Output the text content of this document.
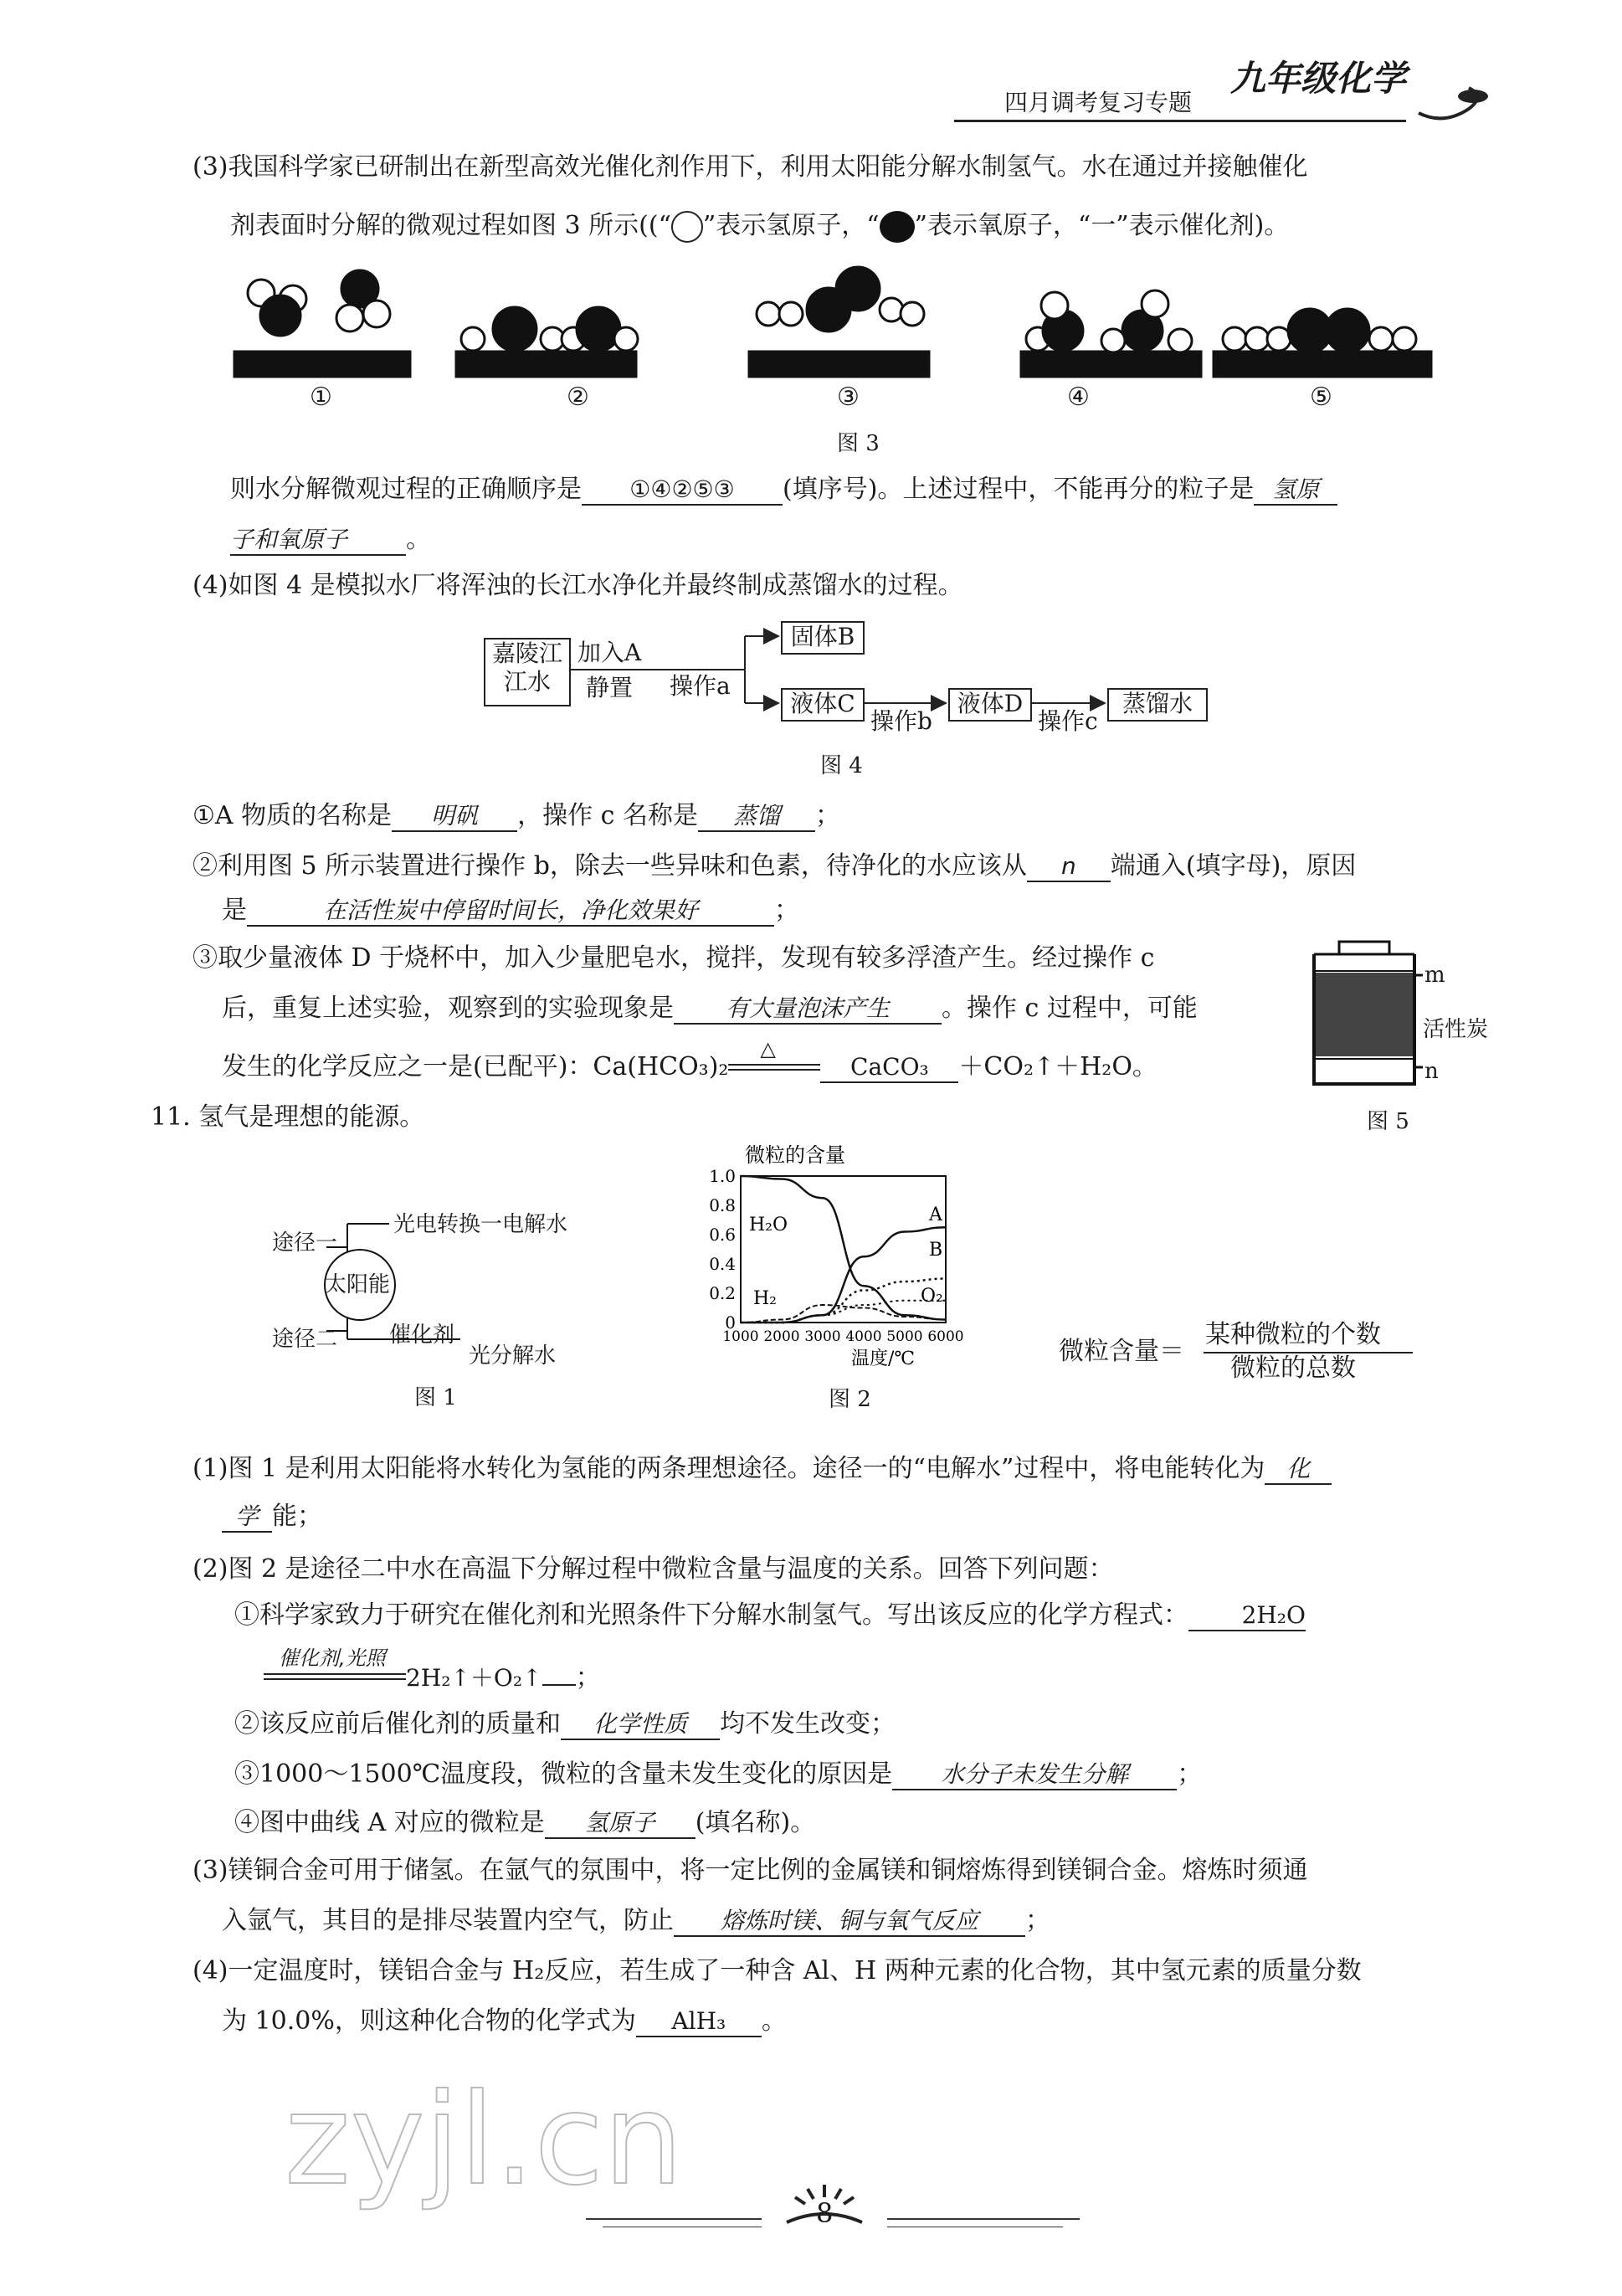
四月调考复习专题
九年级化学
(3)我国科学家已研制出在新型高效光催化剂作用下，利用太阳能分解水制氢气。水在通过并接触催化
剂表面时分解的微观过程如图 3 所示((“ ”表示氢原子，“ ”表示氧原子，“一”表示催化剂)。
①	②	③	④	⑤
图 3
则水分解微观过程的正确顺序是 ①④②⑤③ (填序号)。上述过程中，不能再分的粒子是 氢原
子和氧原子 。
(4)如图 4 是模拟水厂将浑浊的长江水净化并最终制成蒸馏水的过程。
嘉陵江
江水
加入A
静置 操作a
固体B
液体C
操作b
液体D
操作c
蒸馏水
图 4
①A 物质的名称是 明矾 ，操作 c 名称是 蒸馏 ；
②利用图 5 所示装置进行操作 b，除去一些异味和色素，待净化的水应该从 n 端通入(填字母)，原因
是	在活性炭中停留时间长，净化效果好	；
③取少量液体 D 于烧杯中，加入少量肥皂水，搅拌，发现有较多浮渣产生。经过操作 c
后，重复上述实验，观察到的实验现象是 有大量泡沫产生 。操作 c 过程中，可能
发生的化学反应之一是(已配平)：Ca(HCO₃)₂
△
CaCO₃ ＋CO₂↑＋H₂O。
m
活性炭
n
图 5
11. 氢气是理想的能源。
途径一
光电转换一电解水
太阳能
途径二 催化剂
光分解水
图 1
微粒的含量
0
0.2
0.4
0.6
0.8
1.0
1000 2000 3000 4000 5000 6000
温度/℃
H₂O	A
B
H₂	O₂
图 2
微粒含量＝
某种微粒的个数
微粒的总数
(1)图 1 是利用太阳能将水转化为氢能的两条理想途径。途径一的“电解水”过程中，将电能转化为 化
学 能；
(2)图 2 是途径二中水在高温下分解过程中微粒含量与温度的关系。回答下列问题：
①科学家致力于研究在催化剂和光照条件下分解水制氢气。写出该反应的化学方程式： 2H₂O
催化剂,光照
2H₂↑＋O₂↑ ；
②该反应前后催化剂的质量和 化学性质 均不发生改变；
③1000～1500℃温度段，微粒的含量未发生变化的原因是 水分子未发生分解 ；
④图中曲线 A 对应的微粒是 氢原子 (填名称)。
(3)镁铜合金可用于储氢。在氩气的氛围中，将一定比例的金属镁和铜熔炼得到镁铜合金。熔炼时须通
入氩气，其目的是排尽装置内空气，防止 熔炼时镁、铜与氧气反应 ；
(4)一定温度时，镁铝合金与 H₂反应，若生成了一种含 Al、H 两种元素的化合物，其中氢元素的质量分数
为 10.0%，则这种化合物的化学式为 AlH₃ 。
zyjl.cn	8
